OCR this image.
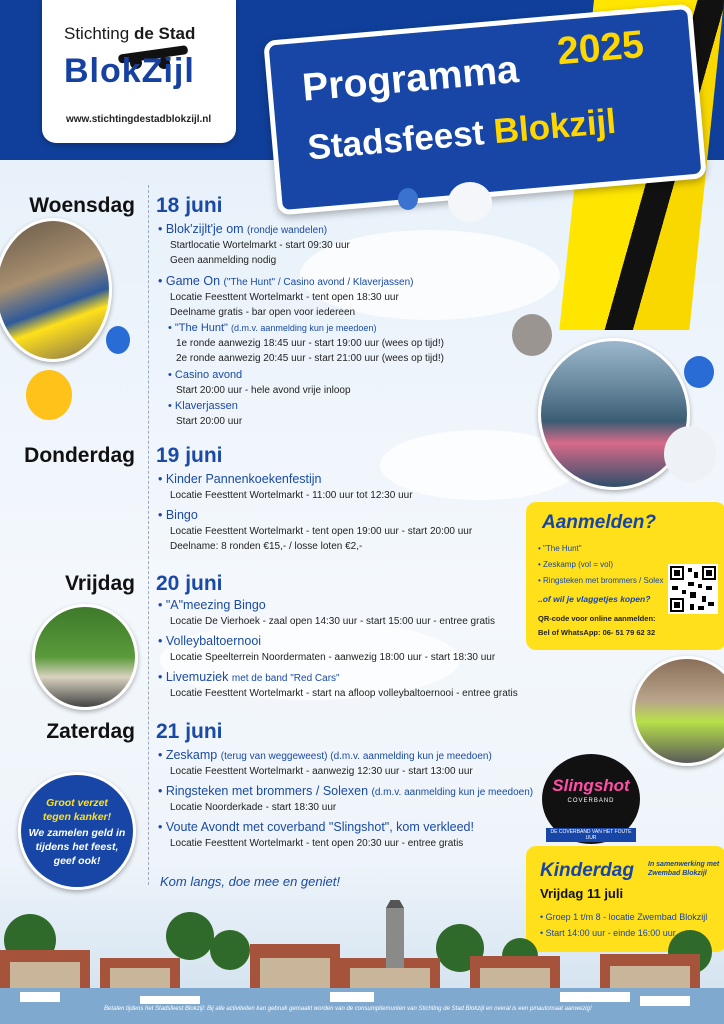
Stichting de Stad
BlokZijl
www.stichtingdestadblokzijl.nl
Programma 2025
Stadsfeest Blokzijl
Woensdag 18 juni
• Blok'zijlt'je om (rondje wandelen)
Startlocatie Wortelmarkt - start 09:30 uur
Geen aanmelding nodig
• Game On ("The Hunt" / Casino avond / Klaverjassen)
Locatie Feesttent Wortelmarkt - tent open 18:30 uur
Deelname gratis - bar open voor iedereen
• "The Hunt" (d.m.v. aanmelding kun je meedoen)
1e ronde aanwezig 18:45 uur - start 19:00 uur (wees op tijd!)
2e ronde aanwezig 20:45 uur - start 21:00 uur (wees op tijd!)
• Casino avond
Start 20:00 uur - hele avond vrije inloop
• Klaverjassen
Start 20:00 uur
Donderdag 19 juni
• Kinder Pannenkoekenfestijn
Locatie Feesttent Wortelmarkt - 11:00 uur tot 12:30 uur
• Bingo
Locatie Feesttent Wortelmarkt - tent open 19:00 uur - start 20:00 uur
Deelname: 8 ronden €15,- / losse loten €2,-
Vrijdag 20 juni
• "A"meezing Bingo
Locatie De Vierhoek - zaal open 14:30 uur - start 15:00 uur - entree gratis
• Volleybaltoernooi
Locatie Speelterrein Noordermaten - aanwezig 18:00 uur - start 18:30 uur
• Livemuziek met de band "Red Cars"
Locatie Feesttent Wortelmarkt - start na afloop volleybaltoernooi - entree gratis
Zaterdag 21 juni
• Zeskamp (terug van weggeweest) (d.m.v. aanmelding kun je meedoen)
Locatie Feesttent Wortelmarkt - aanwezig 12:30 uur - start 13:00 uur
• Ringsteken met brommers / Solexen (d.m.v. aanmelding kun je meedoen)
Locatie Noorderkade - start 18:30 uur
• Voute Avondt met coverband "Slingshot", kom verkleed!
Locatie Feesttent Wortelmarkt - tent open 20:30 uur - entree gratis
Aanmelden?
• "The Hunt"
• Zeskamp (vol = vol)
• Ringsteken met brommers / Solex
..of wil je vlaggetjes kopen?
QR-code voor online aanmelden:
Bel of WhatsApp: 06- 51 79 62 32
Groot verzet
tegen kanker!
We zamelen geld in
tijdens het feest,
geef ook!
Slingshot
COVERBAND
DE COVERBAND VAN HET FOUTE UUR
Kinderdag In samenwerking met
Zwembad Blokzijl
Vrijdag 11 juli
• Groep 1 t/m 8 - locatie Zwembad Blokzijl
• Start 14:00 uur - einde 16:00 uur
Kom langs, doe mee en geniet!
Betalen tijdens het Stadsfeest Blokzijl: Bij alle activiteiten kan gebruik gemaakt worden van de consumptiemunten van Stichting de Stad Blokzijl en overal is een pinautomaat aanwezig!
